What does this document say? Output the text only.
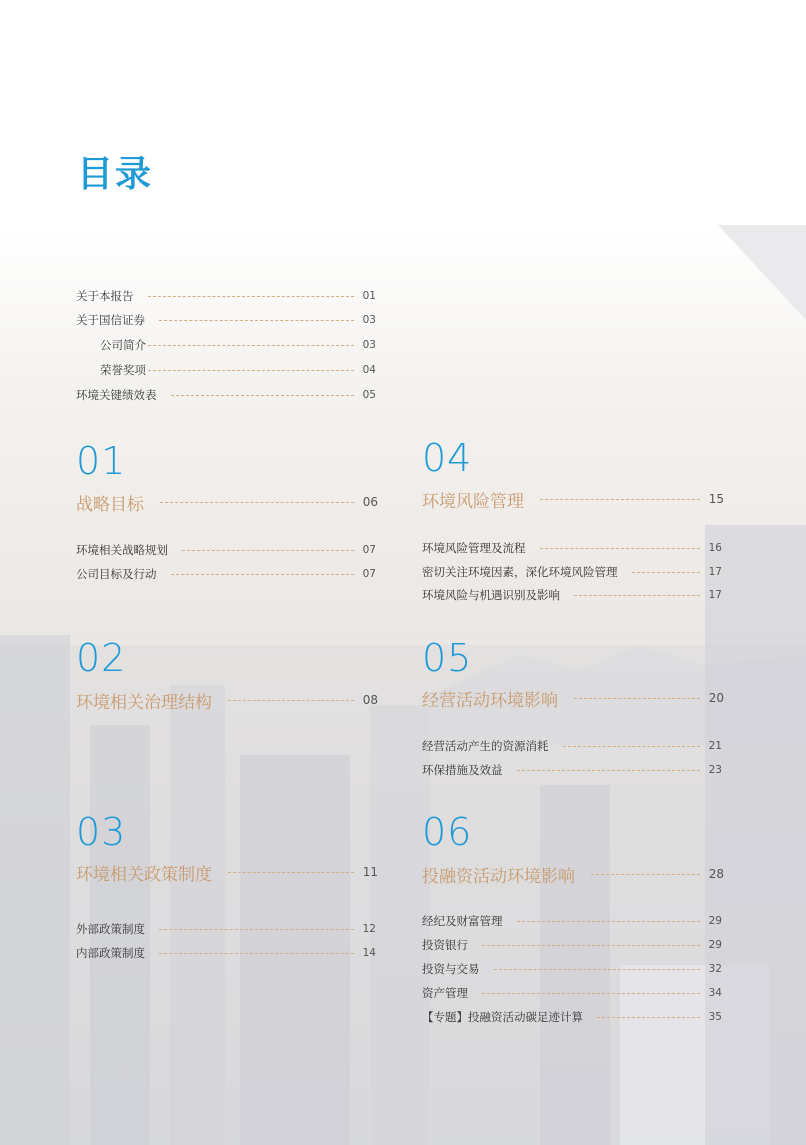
目录
关于本报告	01
关于国信证券	03
公司简介	03
荣誉奖项	04
环境关键绩效表	05
01
战略目标	06
环境相关战略规划	07
公司目标及行动	07
02
环境相关治理结构	08
03
环境相关政策制度	11
外部政策制度	12
内部政策制度	14
04
环境风险管理	15
环境风险管理及流程	16
密切关注环境因素，深化环境风险管理	17
环境风险与机遇识别及影响	17
05
经营活动环境影响	20
经营活动产生的资源消耗	21
环保措施及效益	23
06
投融资活动环境影响	28
经纪及财富管理	29
投资银行	29
投资与交易	32
资产管理	34
【专题】投融资活动碳足迹计算	35
